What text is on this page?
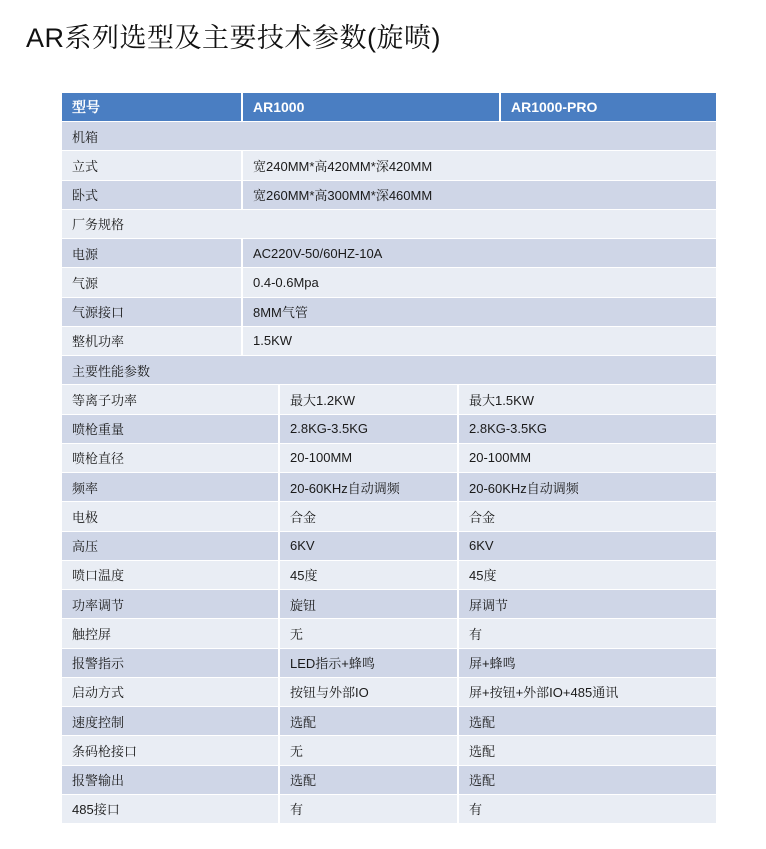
AR系列选型及主要技术参数(旋喷)
型号	AR1000	AR1000-PRO
机箱
立式	宽240MM*高420MM*深420MM
卧式	宽260MM*高300MM*深460MM
厂务规格
电源	AC220V-50/60HZ-10A
气源	0.4-0.6Mpa
气源接口	8MM气管
整机功率	1.5KW
主要性能参数
等离子功率	最大1.2KW	最大1.5KW
喷枪重量	2.8KG-3.5KG	2.8KG-3.5KG
喷枪直径	20-100MM	20-100MM
频率	20-60KHz自动调频	20-60KHz自动调频
电极	合金	合金
高压	6KV	6KV
喷口温度	45度	45度
功率调节	旋钮	屏调节
触控屏	无	有
报警指示	LED指示+蜂鸣	屏+蜂鸣
启动方式	按钮与外部IO	屏+按钮+外部IO+485通讯
速度控制	选配	选配
条码枪接口	无	选配
报警输出	选配	选配
485接口	有	有
